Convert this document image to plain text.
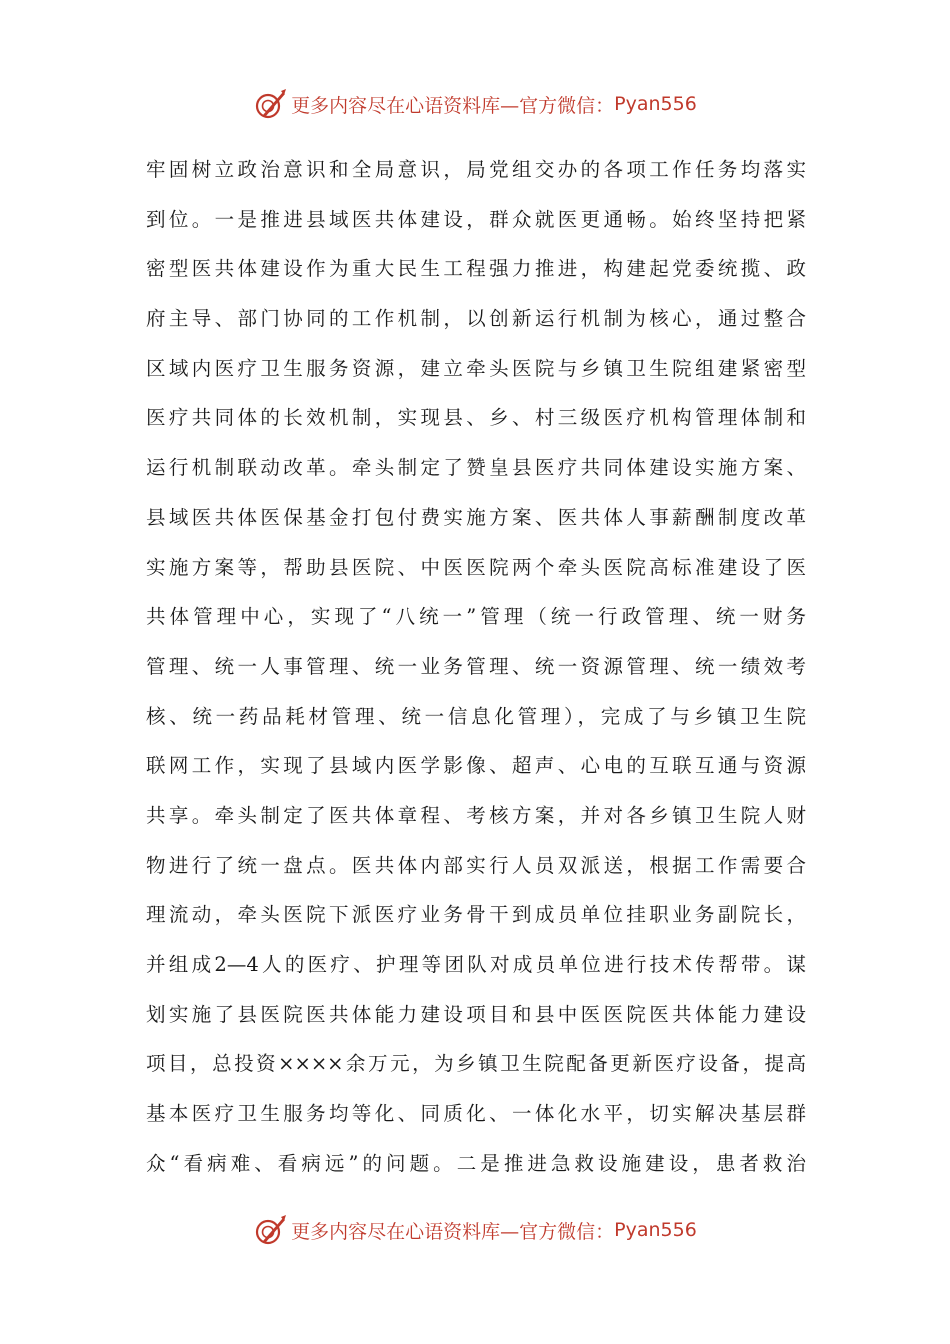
更多内容尽在心语资料库—官方微信： Pyan556
牢固树立政治意识和全局意识，局党组交办的各项工作任务均落实
到位。一是推进县域医共体建设，群众就医更通畅。始终坚持把紧
密型医共体建设作为重大民生工程强力推进，构建起党委统揽、政
府主导、部门协同的工作机制，以创新运行机制为核心，通过整合
区域内医疗卫生服务资源，建立牵头医院与乡镇卫生院组建紧密型
医疗共同体的长效机制，实现县、乡、村三级医疗机构管理体制和
运行机制联动改革。牵头制定了赞皇县医疗共同体建设实施方案、
县域医共体医保基金打包付费实施方案、医共体人事薪酬制度改革
实施方案等，帮助县医院、中医医院两个牵头医院高标准建设了医
共体管理中心，实现了“八统一”管理（统一行政管理、统一财务
管理、统一人事管理、统一业务管理、统一资源管理、统一绩效考
核、统一药品耗材管理、统一信息化管理），完成了与乡镇卫生院
联网工作，实现了县域内医学影像、超声、心电的互联互通与资源
共享。牵头制定了医共体章程、考核方案，并对各乡镇卫生院人财
物进行了统一盘点。医共体内部实行人员双派送，根据工作需要合
理流动，牵头医院下派医疗业务骨干到成员单位挂职业务副院长，
并组成2—4人的医疗、护理等团队对成员单位进行技术传帮带。谋
划实施了县医院医共体能力建设项目和县中医医院医共体能力建设
项目，总投资××××余万元，为乡镇卫生院配备更新医疗设备，提高
基本医疗卫生服务均等化、同质化、一体化水平，切实解决基层群
众“看病难、看病远”的问题。二是推进急救设施建设，患者救治
更多内容尽在心语资料库—官方微信： Pyan556
